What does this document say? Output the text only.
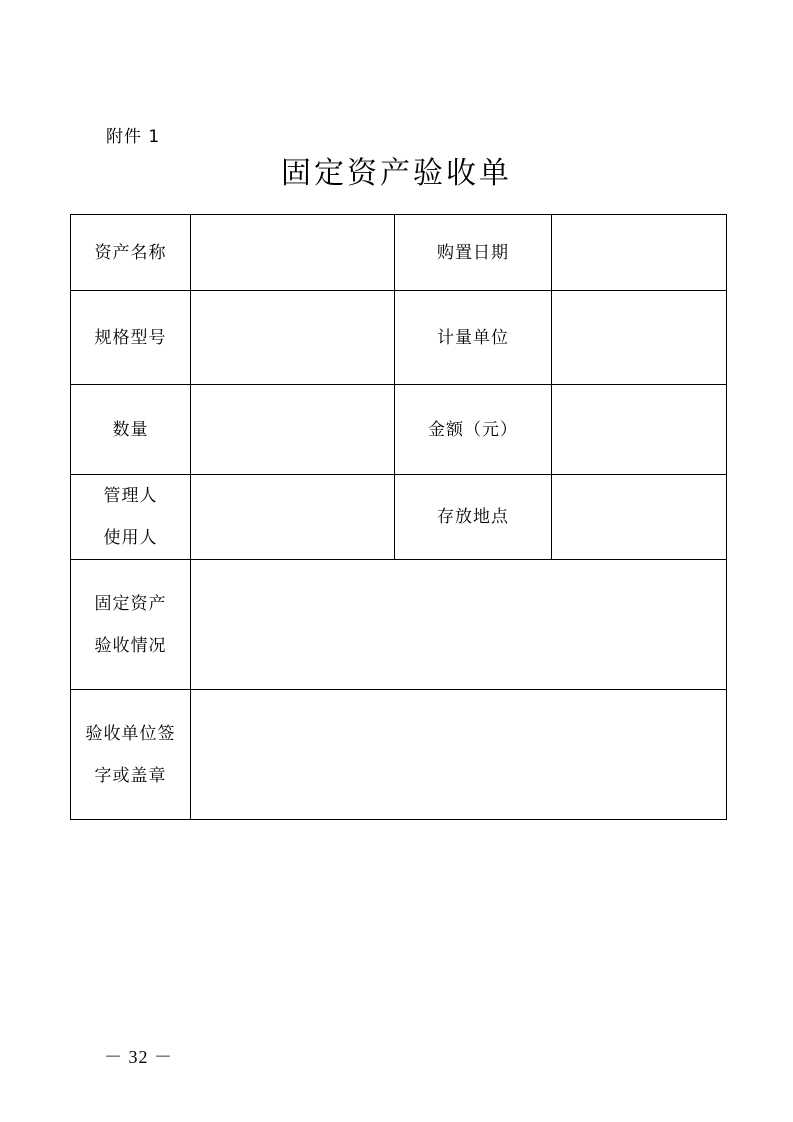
附件 1
固定资产验收单
资产名称		购置日期	
规格型号		计量单位	
数量		金额（元）	

管理人
使用人		存放地点	

固定资产
验收情况			

验收单位签
字或盖章			

－ 32 －
